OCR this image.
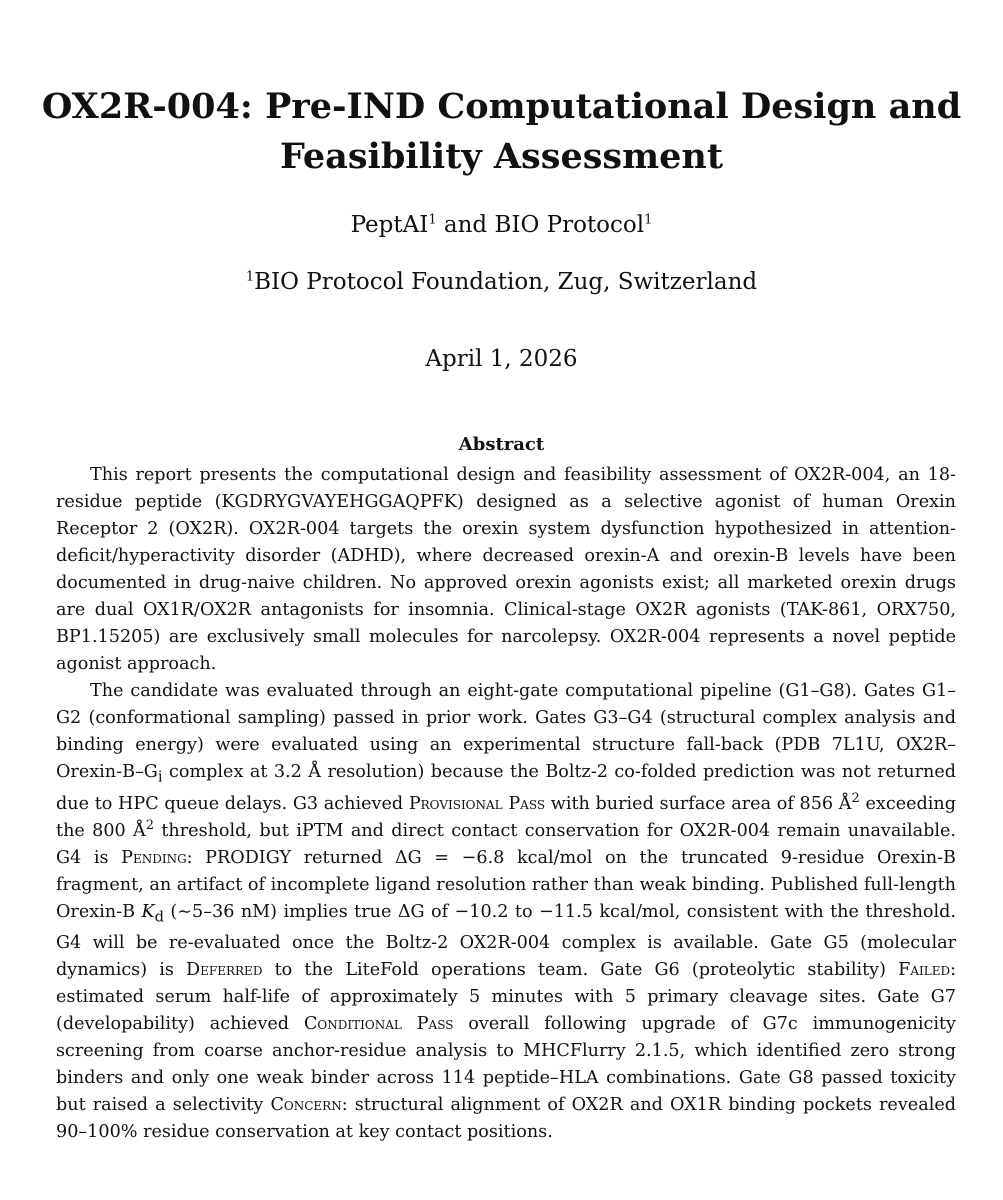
OX2R-004: Pre-IND Computational Design and Feasibility Assessment

PeptAI$^1$ and BIO Protocol$^1$

$^1$BIO Protocol Foundation, Zug, Switzerland

April 1, 2026

Abstract

This report presents the computational design and feasibility assessment of OX2R-004, an 18-residue peptide (KGDRYGVAYEHGGAQPFK) designed as a selective agonist of human Orexin Receptor 2 (OX2R). OX2R-004 targets the orexin system dysfunction hypothesized in attention-deficit/hyperactivity disorder (ADHD), where decreased orexin-A and orexin-B levels have been documented in drug-naive children. No approved orexin agonists exist; all marketed orexin drugs are dual OX1R/OX2R antagonists for insomnia. Clinical-stage OX2R agonists (TAK-861, ORX750, BP1.15205) are exclusively small molecules for narcolepsy. OX2R-004 represents a novel peptide agonist approach.

The candidate was evaluated through an eight-gate computational pipeline (G1–G8). Gates G1–G2 (conformational sampling) passed in prior work. Gates G3–G4 (structural complex analysis and binding energy) were evaluated using an experimental structure fall-back (PDB 7L1U, $OX2R-Orexin-B-G_i$ complex at 3.2 Å resolution) because the Boltz-2 co-folded prediction was not returned due to HPC queue delays. G3 achieved Provisional Pass with buried surface area of 856 $Å^2$ exceeding the 800 $Å^2$ threshold, but iPTM and direct contact conservation for OX2R-004 remain unavailable. G4 is Pending: PRODIGY returned ΔG = −6.8 kcal/mol on the truncated 9-residue Orexin-B fragment, an artifact of incomplete ligand resolution rather than weak binding. Published full-length Orexin-B $K_d$ (∼5–36 nM) implies true ΔG of −10.2 to −11.5 kcal/mol, consistent with the threshold. G4 will be re-evaluated once the Boltz-2 OX2R-004 complex is available. Gate G5 (molecular dynamics) is Deferred to the LiteFold operations team. Gate G6 (proteolytic stability) Failed: estimated serum half-life of approximately 5 minutes with 5 primary cleavage sites. Gate G7 (developability) achieved Conditional Pass overall following upgrade of G7c immunogenicity screening from coarse anchor-residue analysis to MHCFlurry 2.1.5, which identified zero strong binders and only one weak binder across 114 peptide–HLA combinations. Gate G8 passed toxicity but raised a selectivity Concern: structural alignment of OX2R and OX1R binding pockets revealed 90–100% residue conservation at key contact positions.
